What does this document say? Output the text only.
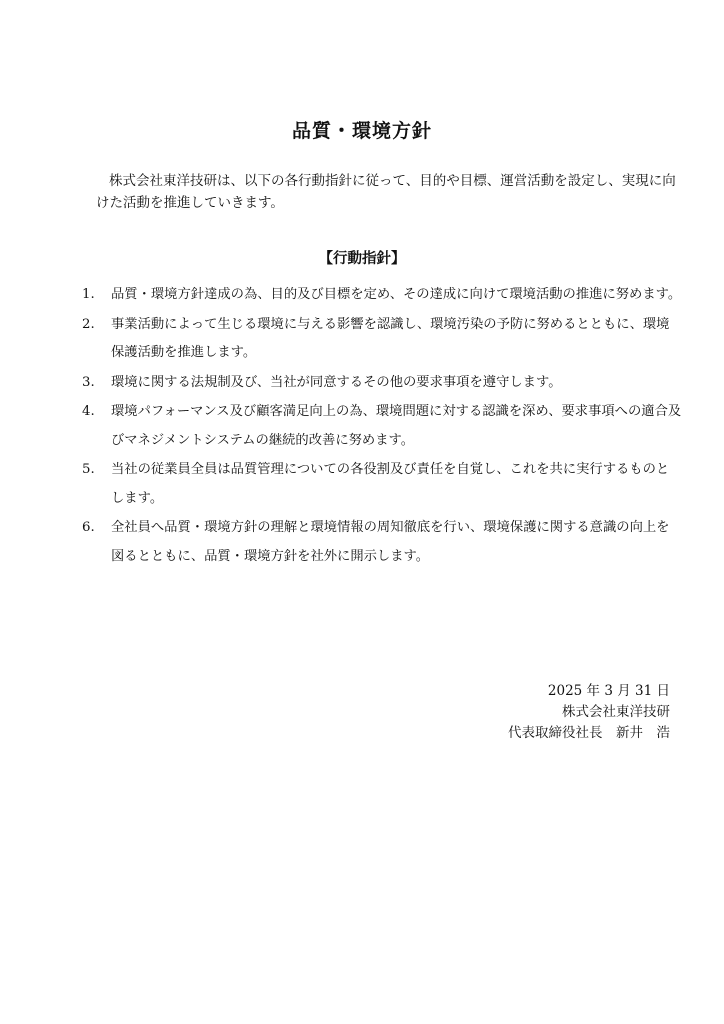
品質・環境方針

株式会社東洋技研は、以下の各行動指針に従って、目的や目標、運営活動を設定し、実現に向けた活動を推進していきます。

【行動指針】
1. 品質・環境方針達成の為、目的及び目標を定め、その達成に向けて環境活動の推進に努めます。
2. 事業活動によって生じる環境に与える影響を認識し、環境汚染の予防に努めるとともに、環境保護活動を推進します。
3. 環境に関する法規制及び、当社が同意するその他の要求事項を遵守します。
4. 環境パフォーマンス及び顧客満足向上の為、環境問題に対する認識を深め、要求事項への適合及びマネジメントシステムの継続的改善に努めます。
5. 当社の従業員全員は品質管理についての各役割及び責任を自覚し、これを共に実行するものとします。
6. 全社員へ品質・環境方針の理解と環境情報の周知徹底を行い、環境保護に関する意識の向上を図るとともに、品質・環境方針を社外に開示します。
2025 年 3 月 31 日
株式会社東洋技研
代表取締役社長　新井　浩
